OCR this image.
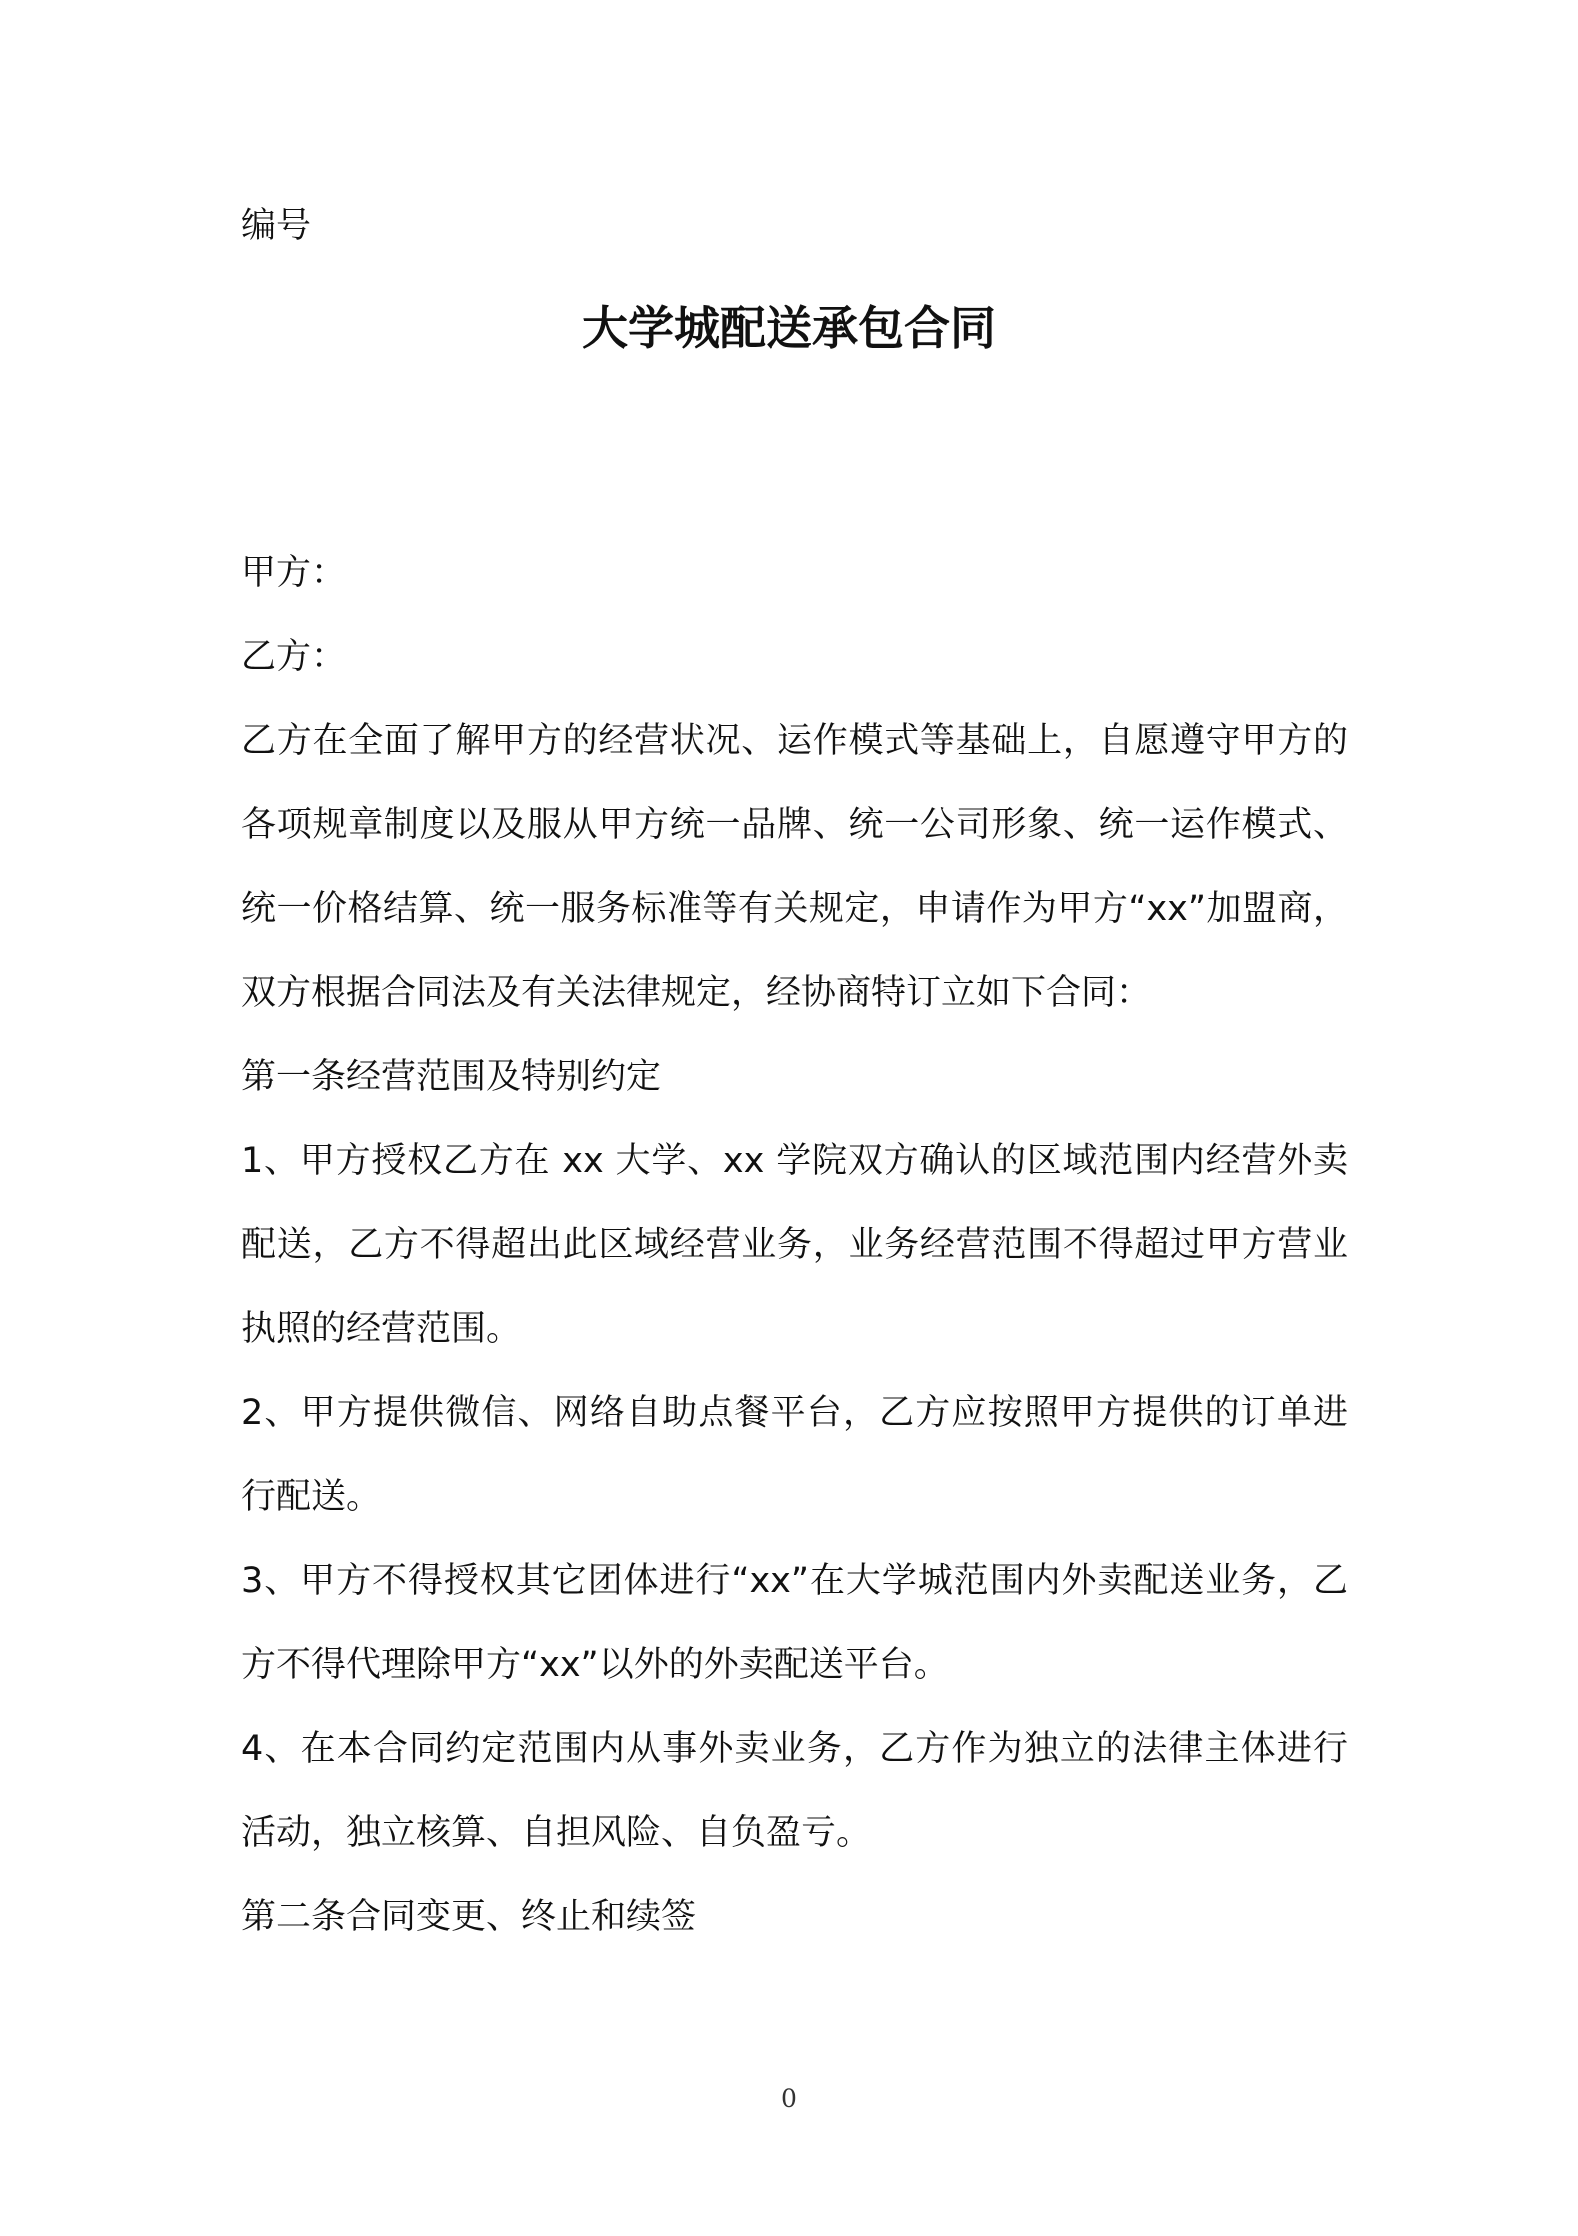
编号

大学城配送承包合同

甲方：

乙方：

乙方在全面了解甲方的经营状况、运作模式等基础上，自愿遵守甲方的各项规章制度以及服从甲方统一品牌、统一公司形象、统一运作模式、统一价格结算、统一服务标准等有关规定，申请作为甲方“xx”加盟商，双方根据合同法及有关法律规定，经协商特订立如下合同：

第一条经营范围及特别约定

1、甲方授权乙方在 xx 大学、xx 学院双方确认的区域范围内经营外卖配送，乙方不得超出此区域经营业务，业务经营范围不得超过甲方营业执照的经营范围。

2、甲方提供微信、网络自助点餐平台，乙方应按照甲方提供的订单进行配送。

3、甲方不得授权其它团体进行“xx”在大学城范围内外卖配送业务，乙方不得代理除甲方“xx”以外的外卖配送平台。

4、在本合同约定范围内从事外卖业务，乙方作为独立的法律主体进行活动，独立核算、自担风险、自负盈亏。

第二条合同变更、终止和续签

0
